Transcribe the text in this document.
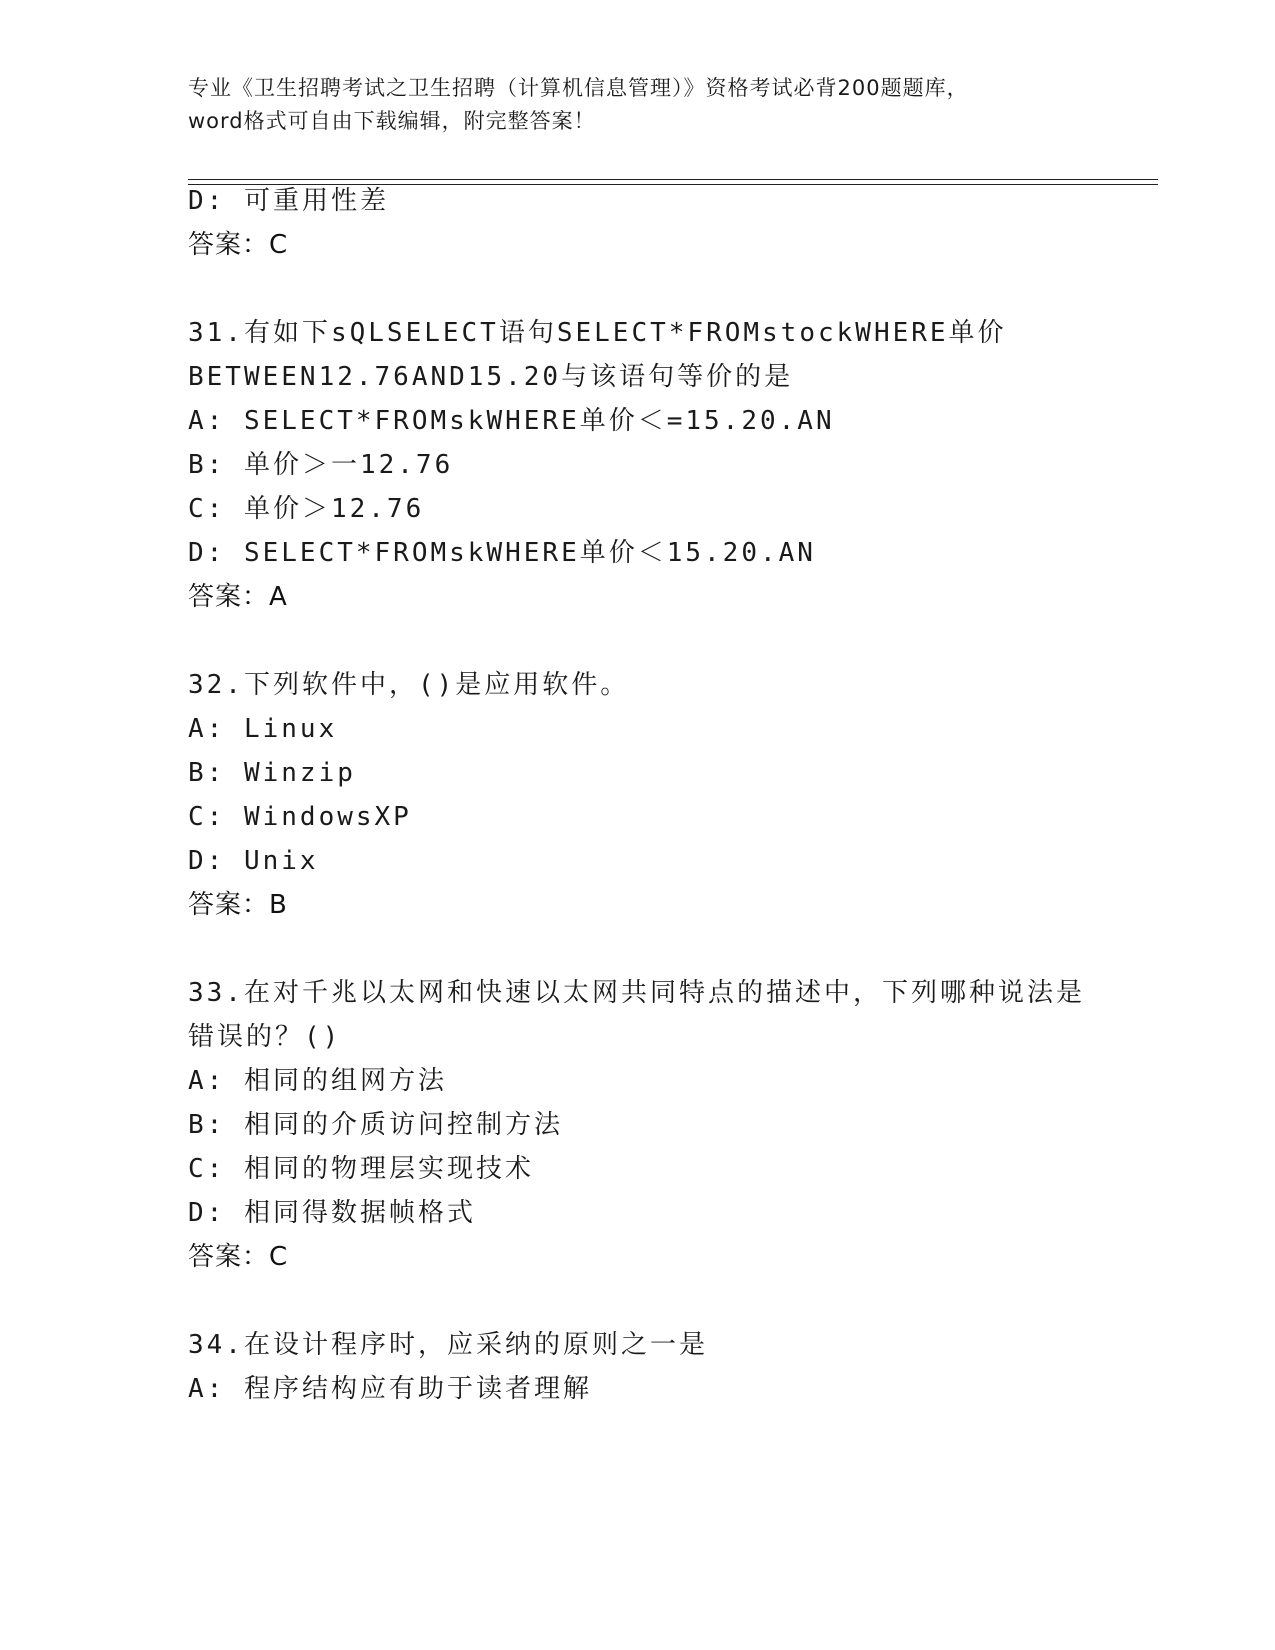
专业《卫生招聘考试之卫生招聘（计算机信息管理）》资格考试必背200题题库，
word格式可自由下载编辑，附完整答案！
D: 可重用性差
答案：C
31.有如下sQLSELECT语句SELECT*FROMstockWHERE单价
BETWEEN12.76AND15.20与该语句等价的是
A: SELECT*FROMskWHERE单价＜=15.20.AN
B: 单价＞一12.76
C: 单价＞12.76
D: SELECT*FROMskWHERE单价＜15.20.AN
答案：A
32.下列软件中，()是应用软件。
A: Linux
B: Winzip
C: WindowsXP
D: Unix
答案：B
33.在对千兆以太网和快速以太网共同特点的描述中，下列哪种说法是
错误的？()
A: 相同的组网方法
B: 相同的介质访问控制方法
C: 相同的物理层实现技术
D: 相同得数据帧格式
答案：C
34.在设计程序时，应采纳的原则之一是
A: 程序结构应有助于读者理解
